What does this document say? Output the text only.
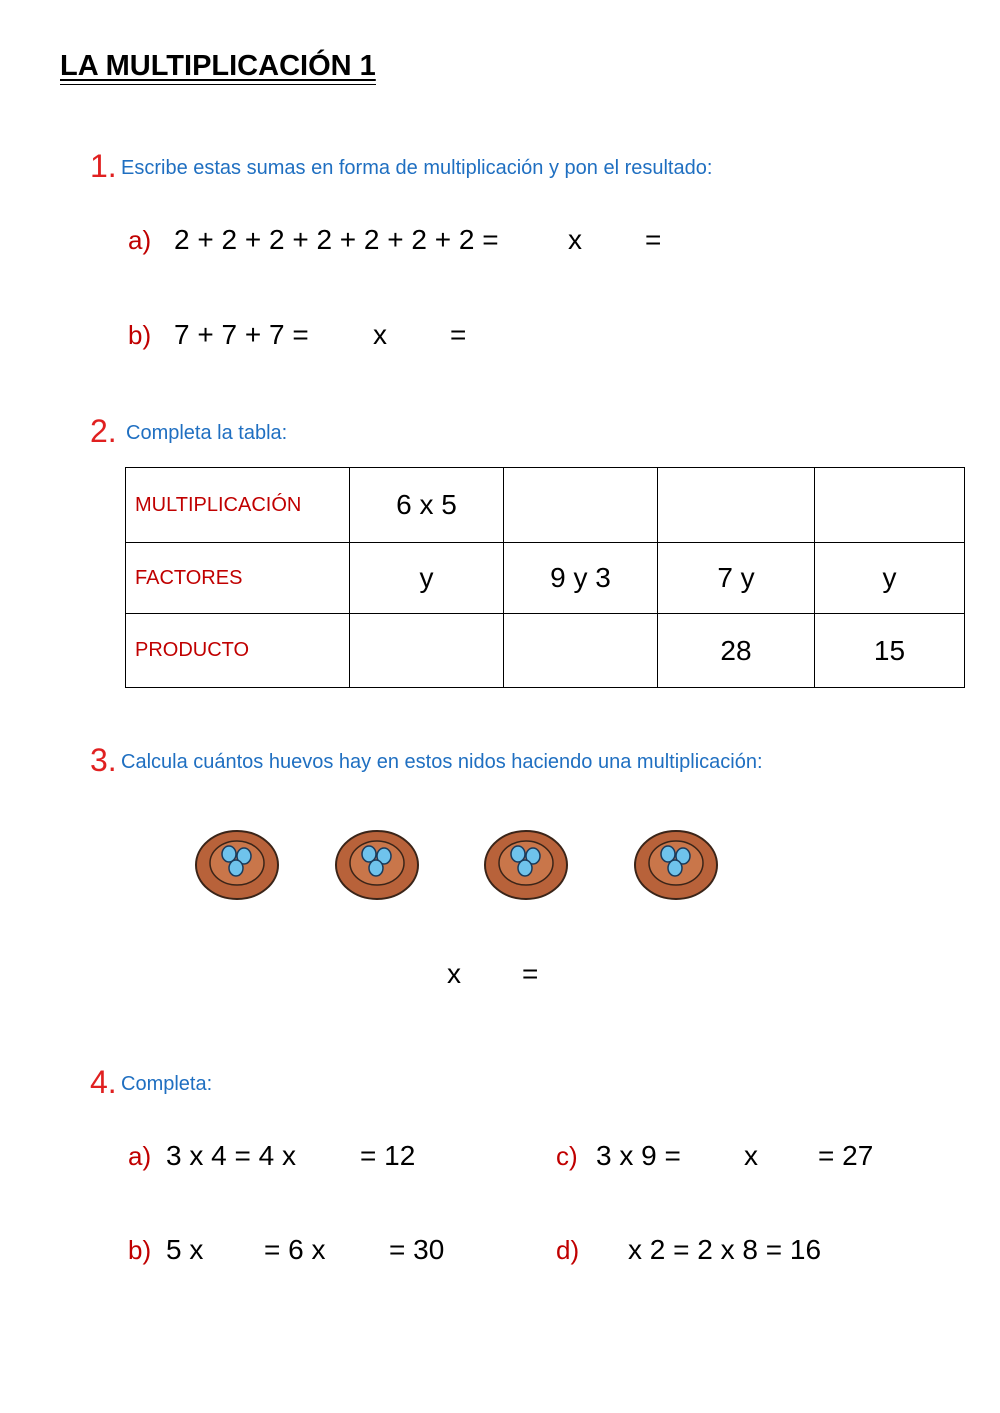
LA MULTIPLICACIÓN 1
1. Escribe estas sumas en forma de multiplicación y pon el resultado:
a) 2 + 2 + 2 + 2 + 2 + 2 + 2 = x =
b) 7 + 7 + 7 = x =
2. Completa la tabla:
MULTIPLICACIÓN	6 x 5			
FACTORES	y	9 y 3	7 y	y
PRODUCTO			28	15
3. Calcula cuántos huevos hay en estos nidos haciendo una multiplicación:
x =
4. Completa:
a) 3 x 4 = 4 x = 12	c) 3 x 9 = x = 27
b) 5 x = 6 x = 30	d) x 2 = 2 x 8 = 16
